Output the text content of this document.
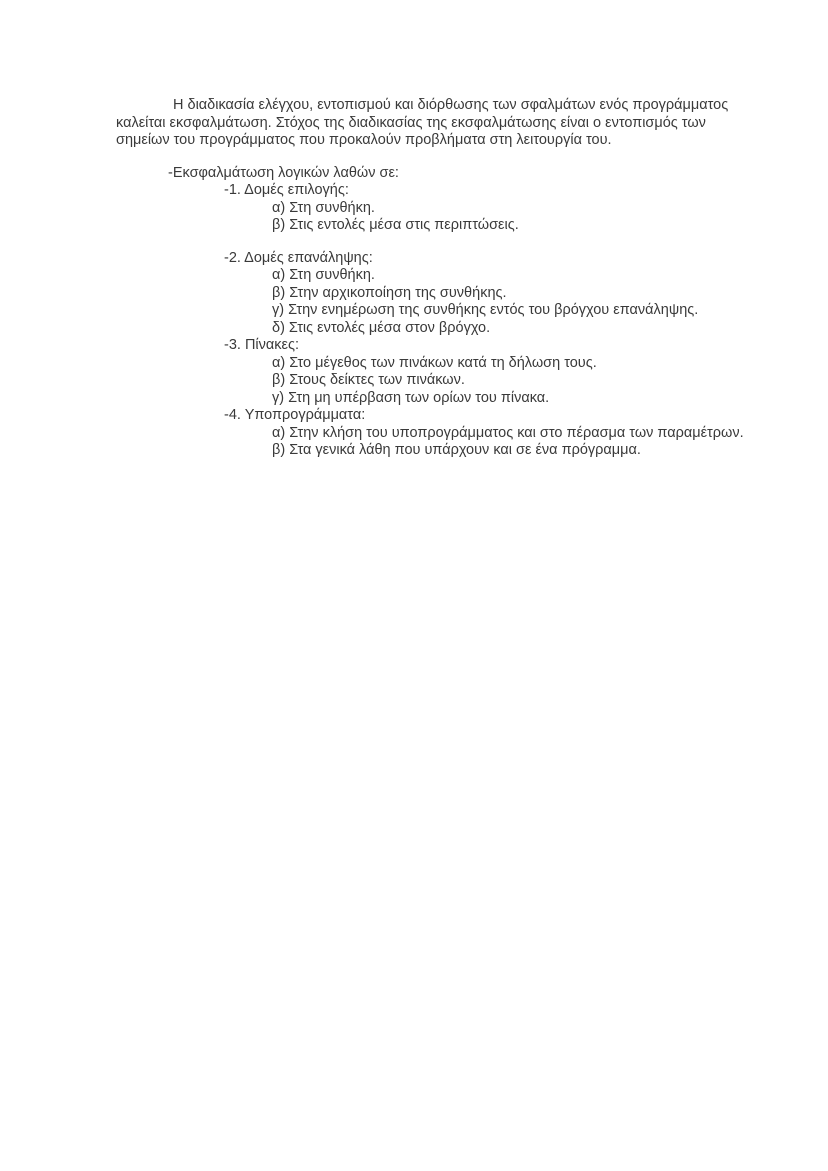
Η διαδικασία ελέγχου, εντοπισμού και διόρθωσης των σφαλμάτων ενός προγράμματος
καλείται εκσφαλμάτωση. Στόχος της διαδικασίας της εκσφαλμάτωσης είναι ο εντοπισμός των
σημείων του προγράμματος που προκαλούν προβλήματα στη λειτουργία του.

-Εκσφαλμάτωση λογικών λαθών σε:
-1. Δομές επιλογής:
α) Στη συνθήκη.
β) Στις εντολές μέσα στις περιπτώσεις.
-2. Δομές επανάληψης:
α) Στη συνθήκη.
β) Στην αρχικοποίηση της συνθήκης.
γ) Στην ενημέρωση της συνθήκης εντός του βρόγχου επανάληψης.
δ) Στις εντολές μέσα στον βρόγχο.
-3. Πίνακες:
α) Στο μέγεθος των πινάκων κατά τη δήλωση τους.
β) Στους δείκτες των πινάκων.
γ) Στη μη υπέρβαση των ορίων του πίνακα.
-4. Υποπρογράμματα:
α) Στην κλήση του υποπρογράμματος και στο πέρασμα των παραμέτρων.
β) Στα γενικά λάθη που υπάρχουν και σε ένα πρόγραμμα.
